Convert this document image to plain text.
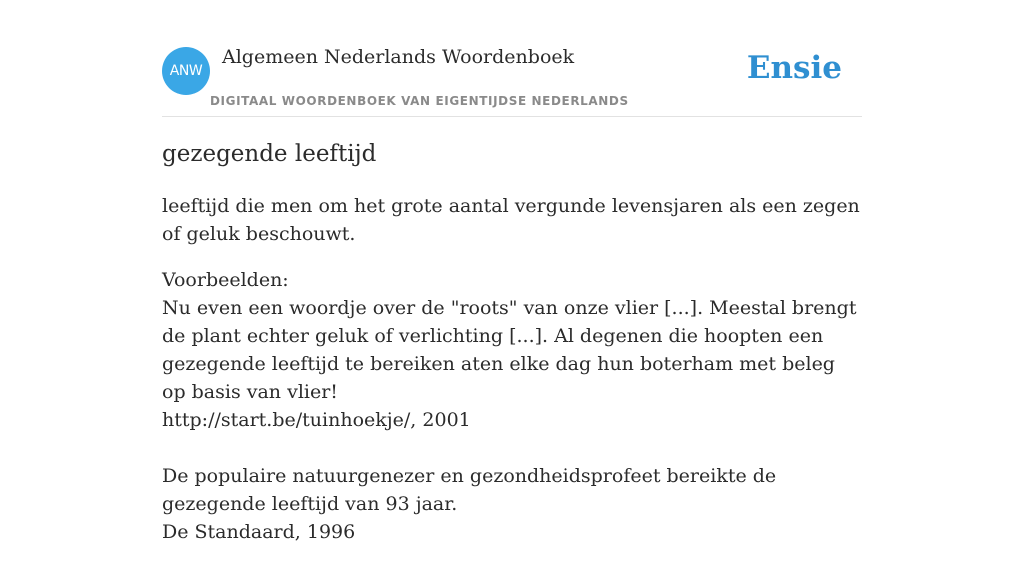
ANW
Algemeen Nederlands Woordenboek
DIGITAAL WOORDENBOEK VAN EIGENTIJDSE NEDERLANDS
Ensie
gezegende leeftijd

leeftijd die men om het grote aantal vergunde levensjaren als een zegen of geluk beschouwt.

Voorbeelden:
Nu even een woordje over de "roots" van onze vlier [...]. Meestal brengt de plant echter geluk of verlichting [...]. Al degenen die hoopten een gezegende leeftijd te bereiken aten elke dag hun boterham met beleg op basis van vlier!
http://start.be/tuinhoekje/, 2001
De populaire natuurgenezer en gezondheidsprofeet bereikte de gezegende leeftijd van 93 jaar.
De Standaard, 1996
